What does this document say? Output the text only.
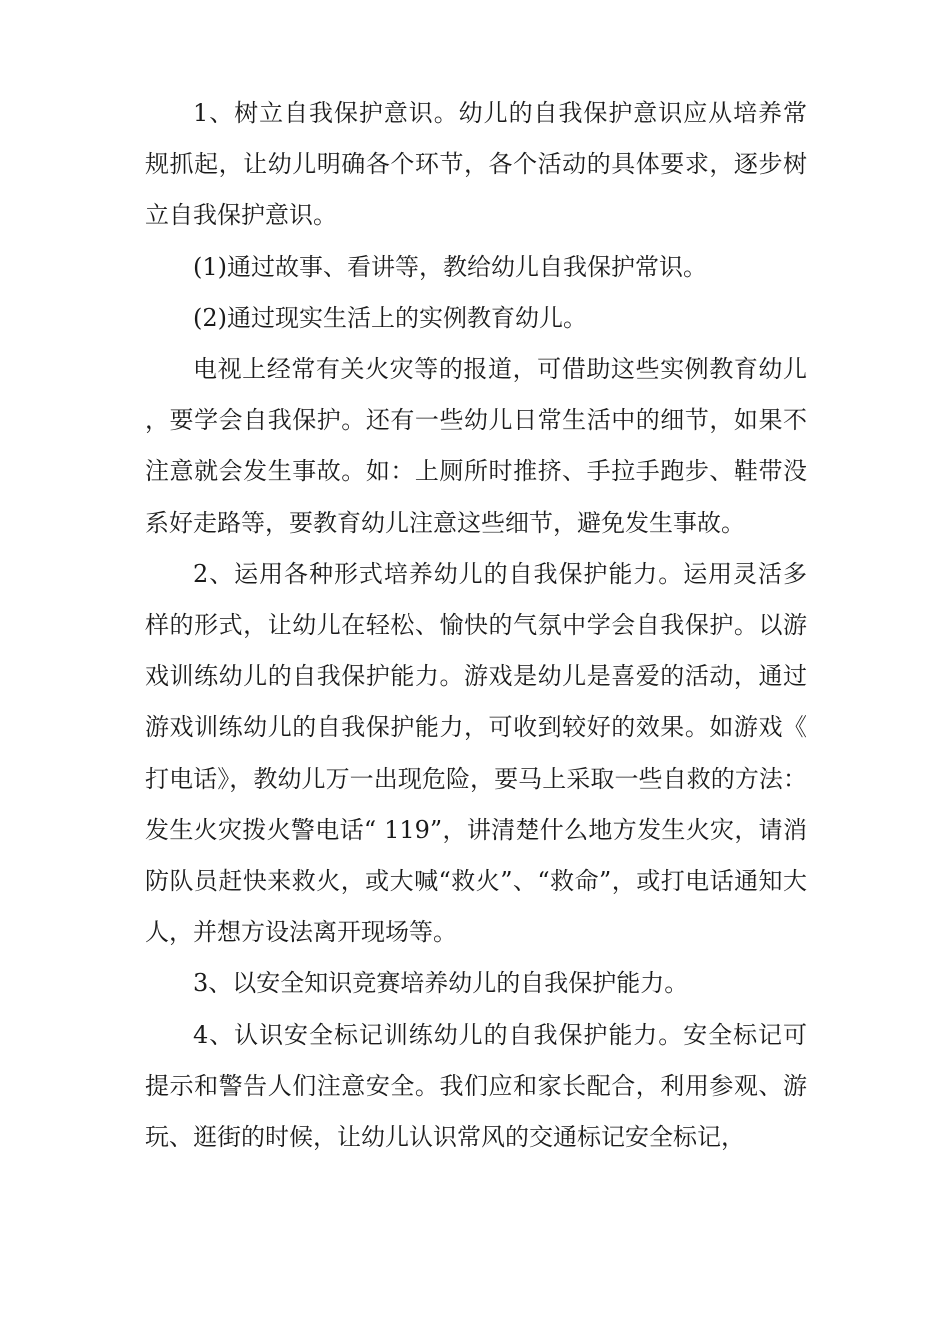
1、树立自我保护意识。幼儿的自我保护意识应从培养常规抓起，让幼儿明确各个环节，各个活动的具体要求，逐步树立自我保护意识。

(1)通过故事、看讲等，教给幼儿自我保护常识。

(2)通过现实生活上的实例教育幼儿。

电视上经常有关火灾等的报道，可借助这些实例教育幼儿，要学会自我保护。还有一些幼儿日常生活中的细节，如果不注意就会发生事故。如：上厕所时推挤、手拉手跑步、鞋带没系好走路等，要教育幼儿注意这些细节，避免发生事故。

2、运用各种形式培养幼儿的自我保护能力。运用灵活多样的形式，让幼儿在轻松、愉快的气氛中学会自我保护。以游戏训练幼儿的自我保护能力。游戏是幼儿是喜爱的活动，通过游戏训练幼儿的自我保护能力，可收到较好的效果。如游戏《打电话》，教幼儿万一出现危险，要马上采取一些自救的方法：发生火灾拨火警电话“ 119”，讲清楚什么地方发生火灾，请消防队员赶快来救火，或大喊“救火”、“救命”，或打电话通知大人，并想方设法离开现场等。

3、以安全知识竞赛培养幼儿的自我保护能力。

4、认识安全标记训练幼儿的自我保护能力。安全标记可提示和警告人们注意安全。我们应和家长配合，利用参观、游玩、逛街的时候，让幼儿认识常风的交通标记安全标记，
